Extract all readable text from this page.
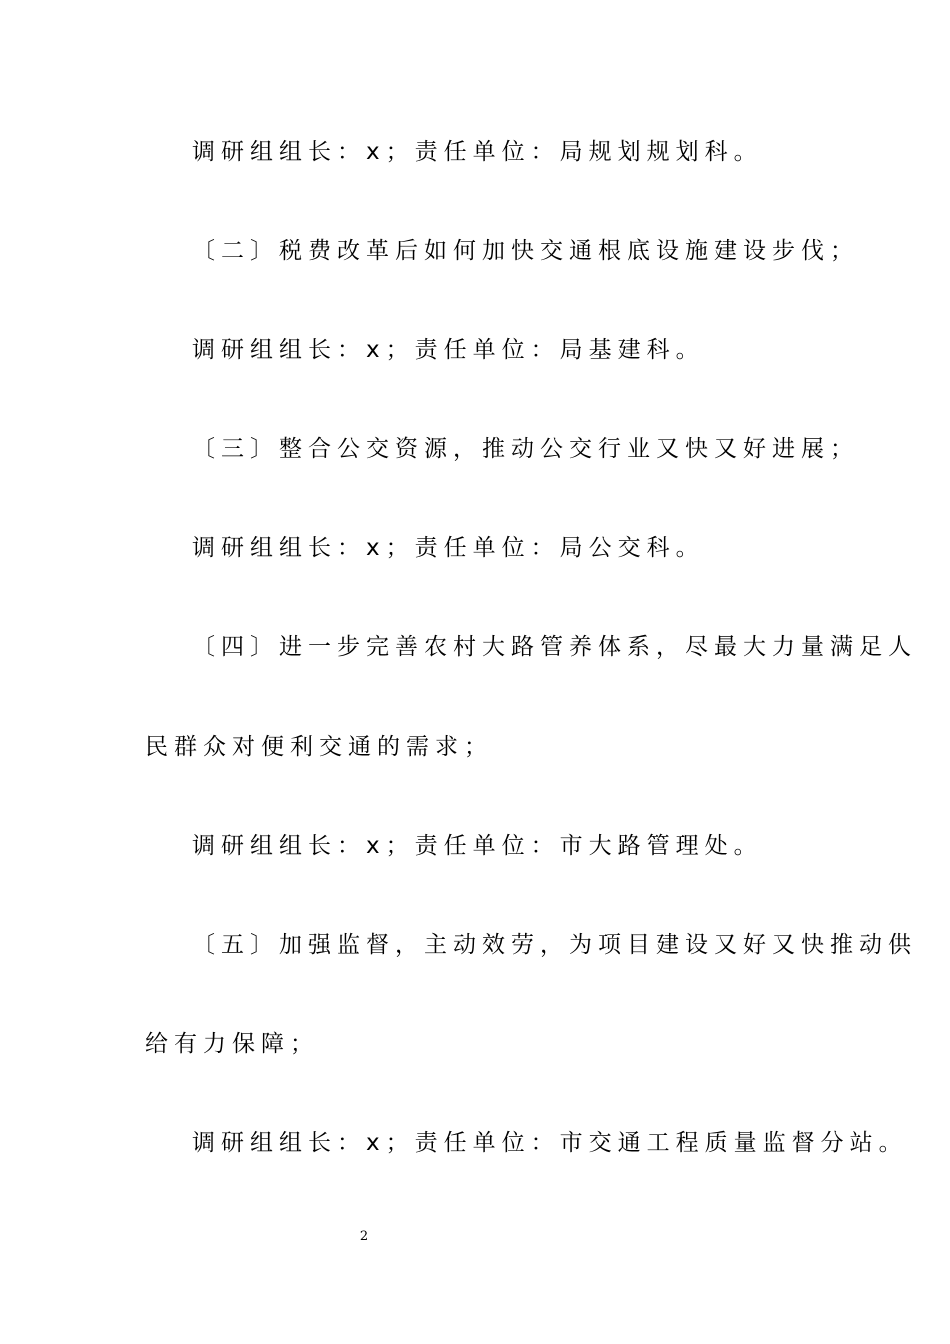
调研组组长：x；责任单位：局规划规划科。
〔二〕税费改革后如何加快交通根底设施建设步伐；
调研组组长：x；责任单位：局基建科。
〔三〕整合公交资源，推动公交行业又快又好进展；
调研组组长：x；责任单位：局公交科。
〔四〕进一步完善农村大路管养体系，尽最大力量满足人
民群众对便利交通的需求；
调研组组长：x；责任单位：市大路管理处。
〔五〕加强监督，主动效劳，为项目建设又好又快推动供
给有力保障；
调研组组长：x；责任单位：市交通工程质量监督分站。
2
